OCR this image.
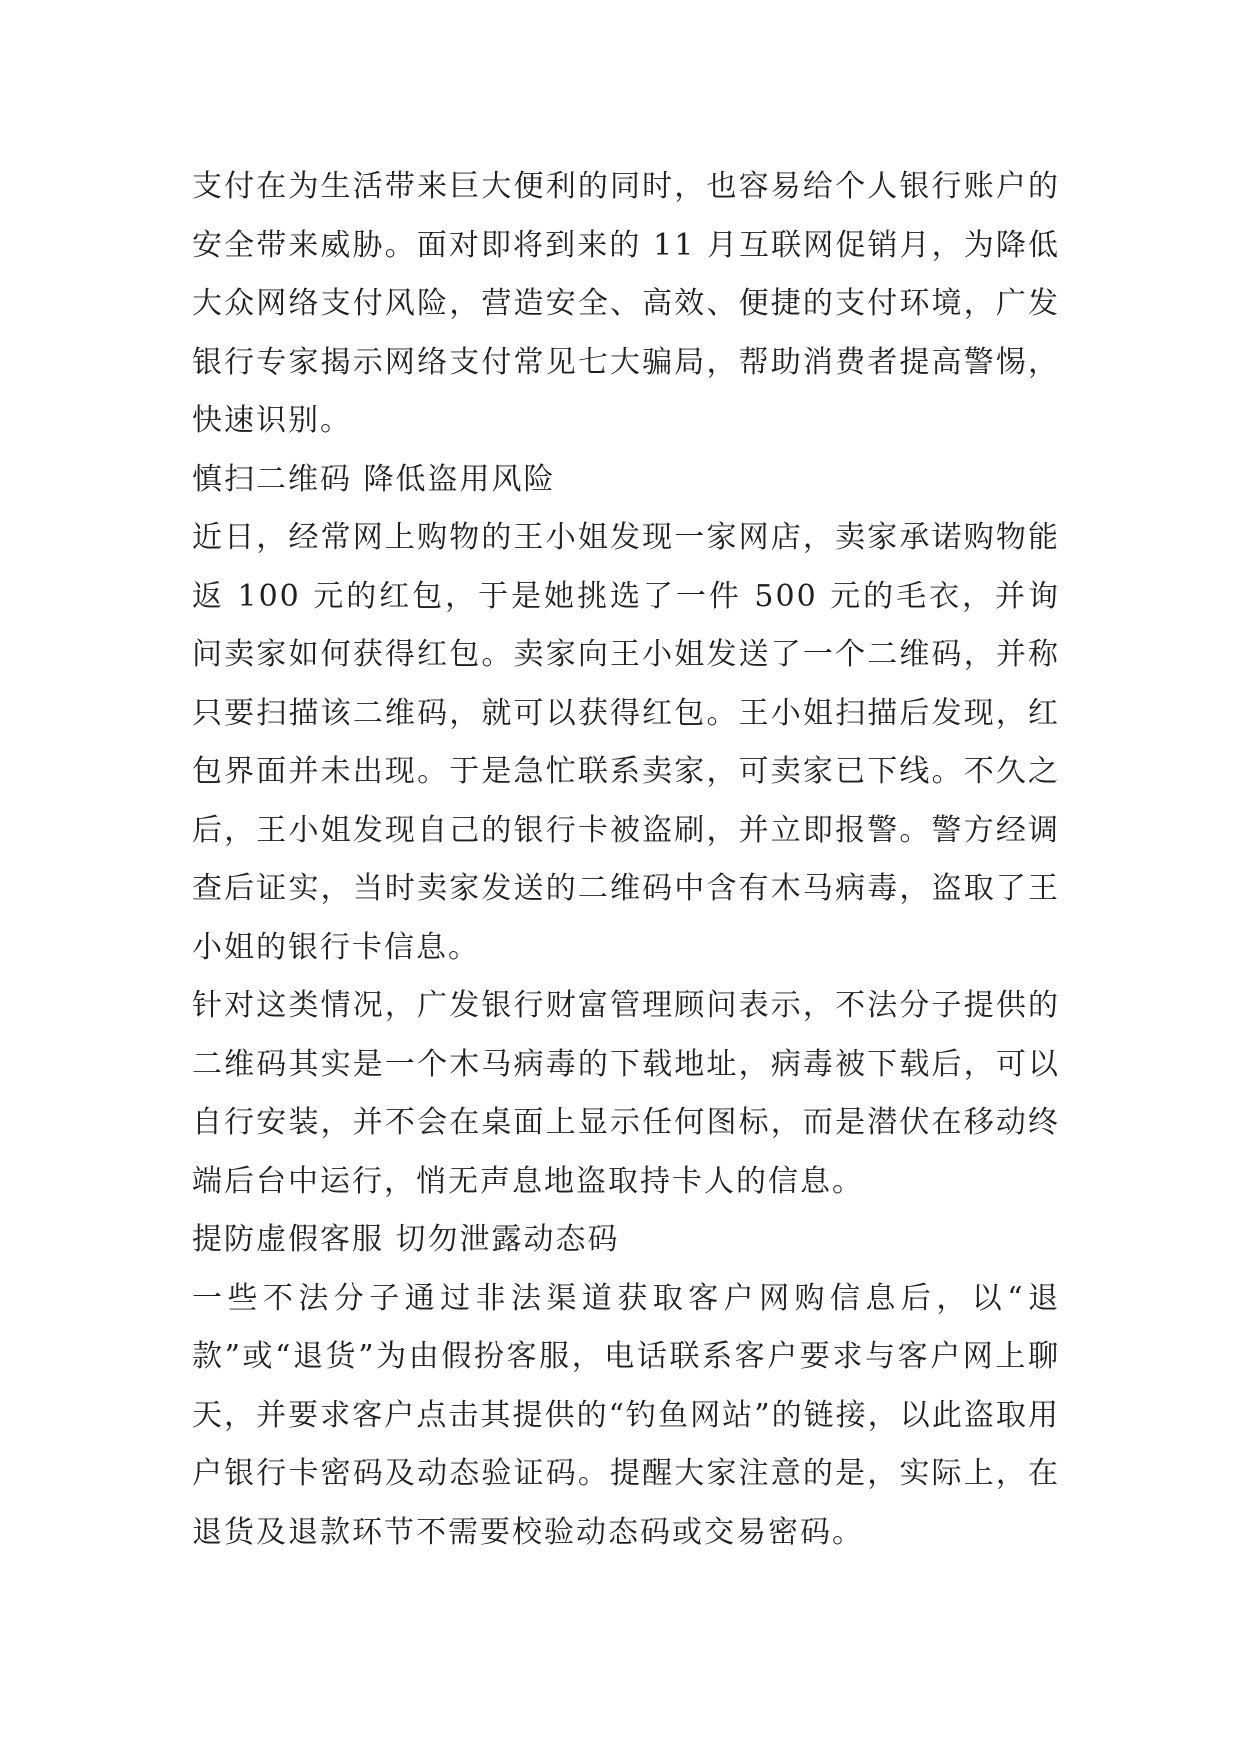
支付在为生活带来巨大便利的同时，也容易给个人银行账户的安全带来威胁。面对即将到来的 11 月互联网促销月，为降低大众网络支付风险，营造安全、高效、便捷的支付环境，广发银行专家揭示网络支付常见七大骗局，帮助消费者提高警惕，快速识别。

慎扫二维码 降低盗用风险

近日，经常网上购物的王小姐发现一家网店，卖家承诺购物能返 100 元的红包，于是她挑选了一件 500 元的毛衣，并询问卖家如何获得红包。卖家向王小姐发送了一个二维码，并称只要扫描该二维码，就可以获得红包。王小姐扫描后发现，红包界面并未出现。于是急忙联系卖家，可卖家已下线。不久之后，王小姐发现自己的银行卡被盗刷，并立即报警。警方经调查后证实，当时卖家发送的二维码中含有木马病毒，盗取了王小姐的银行卡信息。

针对这类情况，广发银行财富管理顾问表示，不法分子提供的二维码其实是一个木马病毒的下载地址，病毒被下载后，可以自行安装，并不会在桌面上显示任何图标，而是潜伏在移动终端后台中运行，悄无声息地盗取持卡人的信息。

提防虚假客服 切勿泄露动态码

一些不法分子通过非法渠道获取客户网购信息后，以“退款”或“退货”为由假扮客服，电话联系客户要求与客户网上聊天，并要求客户点击其提供的“钓鱼网站”的链接，以此盗取用户银行卡密码及动态验证码。提醒大家注意的是，实际上，在退货及退款环节不需要校验动态码或交易密码。
